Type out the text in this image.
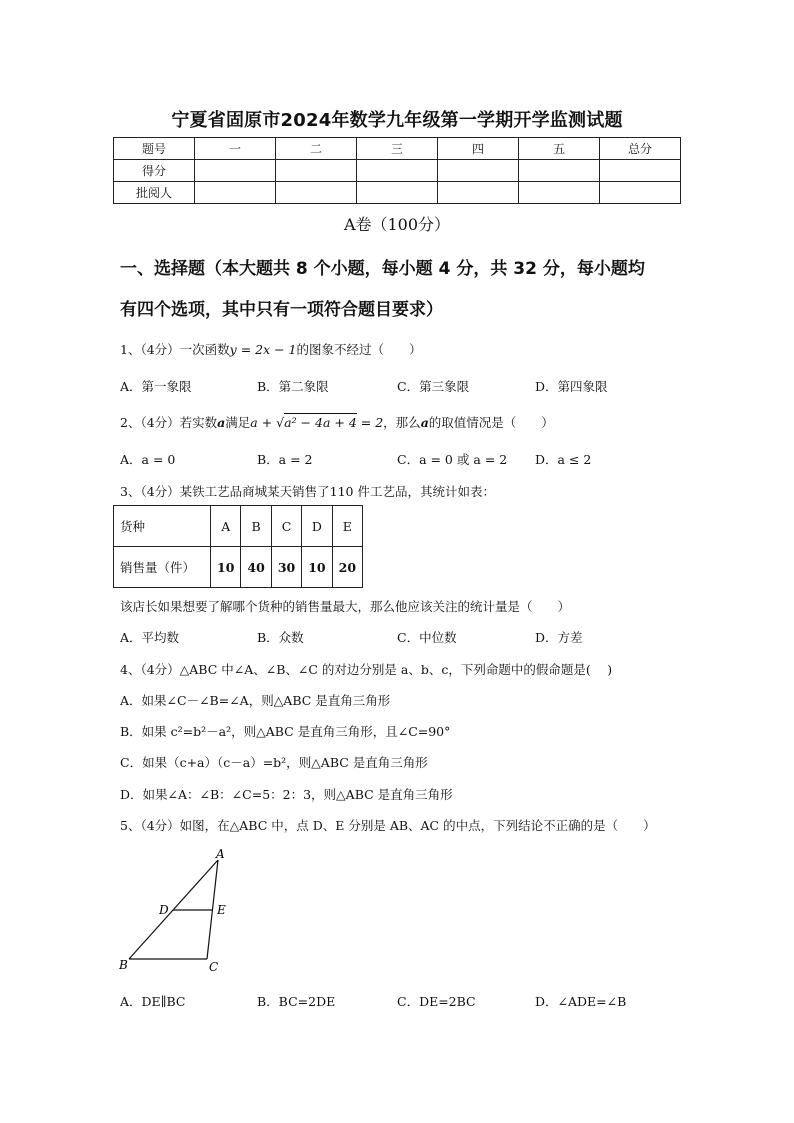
宁夏省固原市2024年数学九年级第一学期开学监测试题
题号	一	二	三	四	五	总分
得分						
批阅人						
A卷（100分）
一、选择题（本大题共 8 个小题，每小题 4 分，共 32 分，每小题均
有四个选项，其中只有一项符合题目要求）
1、（4分）一次函数y = 2x − 1的图象不经过（　　）
A．第一象限	B．第二象限	C．第三象限	D．第四象限
2、（4分）若实数a满足a + √a² − 4a + 4 = 2，那么a的取值情况是（　　）
A．a = 0	B．a = 2	C．a = 0 或 a = 2 D．a ≤ 2
3、（4分）某铁工艺品商城某天销售了110 件工艺品，其统计如表：
货种	A	B	C	D	E
销售量（件）	10	40	30	10	20
该店长如果想要了解哪个货种的销售量最大，那么他应该关注的统计量是（　　）
A．平均数	B．众数	C．中位数	D．方差
4、（4分）△ABC 中∠A、∠B、∠C 的对边分别是 a、b、c，下列命题中的假命题是(　 )
A．如果∠C－∠B=∠A，则△ABC 是直角三角形
B．如果 c²=b²－a²，则△ABC 是直角三角形，且∠C=90°
C．如果（c+a）（c－a）=b²，则△ABC 是直角三角形
D．如果∠A：∠B：∠C=5：2：3，则△ABC 是直角三角形
5、（4分）如图，在△ABC 中，点 D、E 分别是 AB、AC 的中点，下列结论不正确的是（　　）
A
D	E
B	C
A．DE∥BC	B．BC=2DE	C．DE=2BC	D．∠ADE=∠B
